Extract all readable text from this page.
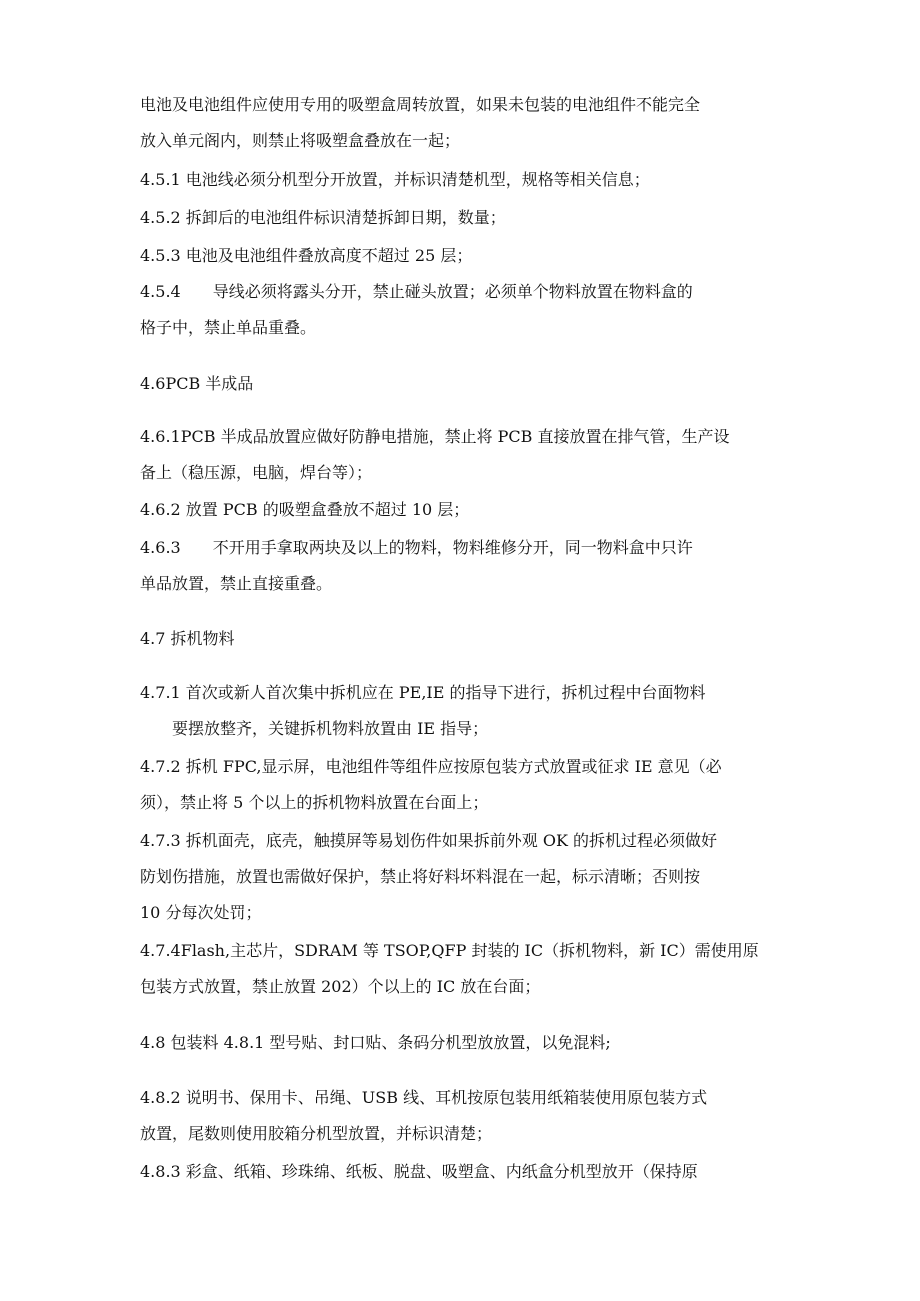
电池及电池组件应使用专用的吸塑盒周转放置，如果未包装的电池组件不能完全
放入单元阁内，则禁止将吸塑盒叠放在一起；
4.5.1 电池线必须分机型分开放置，并标识清楚机型，规格等相关信息；
4.5.2 拆卸后的电池组件标识清楚拆卸日期，数量；
4.5.3 电池及电池组件叠放高度不超过 25 层；
4.5.4　　导线必须将露头分开，禁止碰头放置；必须单个物料放置在物料盒的
格子中，禁止单品重叠。
4.6PCB 半成品
4.6.1PCB 半成品放置应做好防静电措施，禁止将 PCB 直接放置在排气管，生产设
备上（稳压源，电脑，焊台等）；
4.6.2 放置 PCB 的吸塑盒叠放不超过 10 层；
4.6.3　　不开用手拿取两块及以上的物料，物料维修分开，同一物料盒中只许
单品放置，禁止直接重叠。
4.7 拆机物料
4.7.1 首次或新人首次集中拆机应在 PE,IE 的指导下进行，拆机过程中台面物料
要摆放整齐，关键拆机物料放置由 IE 指导；
4.7.2 拆机 FPC,显示屏，电池组件等组件应按原包装方式放置或征求 IE 意见（必
须），禁止将 5 个以上的拆机物料放置在台面上；
4.7.3 拆机面壳，底壳，触摸屏等易划伤件如果拆前外观 OK 的拆机过程必须做好
防划伤措施，放置也需做好保护，禁止将好料坏料混在一起，标示清晰；否则按
10 分每次处罚；
4.7.4Flash,主芯片，SDRAM 等 TSOP,QFP 封装的 IC（拆机物料，新 IC）需使用原
包装方式放置，禁止放置 202）个以上的 IC 放在台面；
4.8 包装料 4.8.1 型号贴、封口贴、条码分机型放放置，以免混料;
4.8.2 说明书、保用卡、吊绳、USB 线、耳机按原包装用纸箱装使用原包装方式
放置，尾数则使用胶箱分机型放置，并标识清楚；
4.8.3 彩盒、纸箱、珍珠绵、纸板、脱盘、吸塑盒、内纸盒分机型放开（保持原
